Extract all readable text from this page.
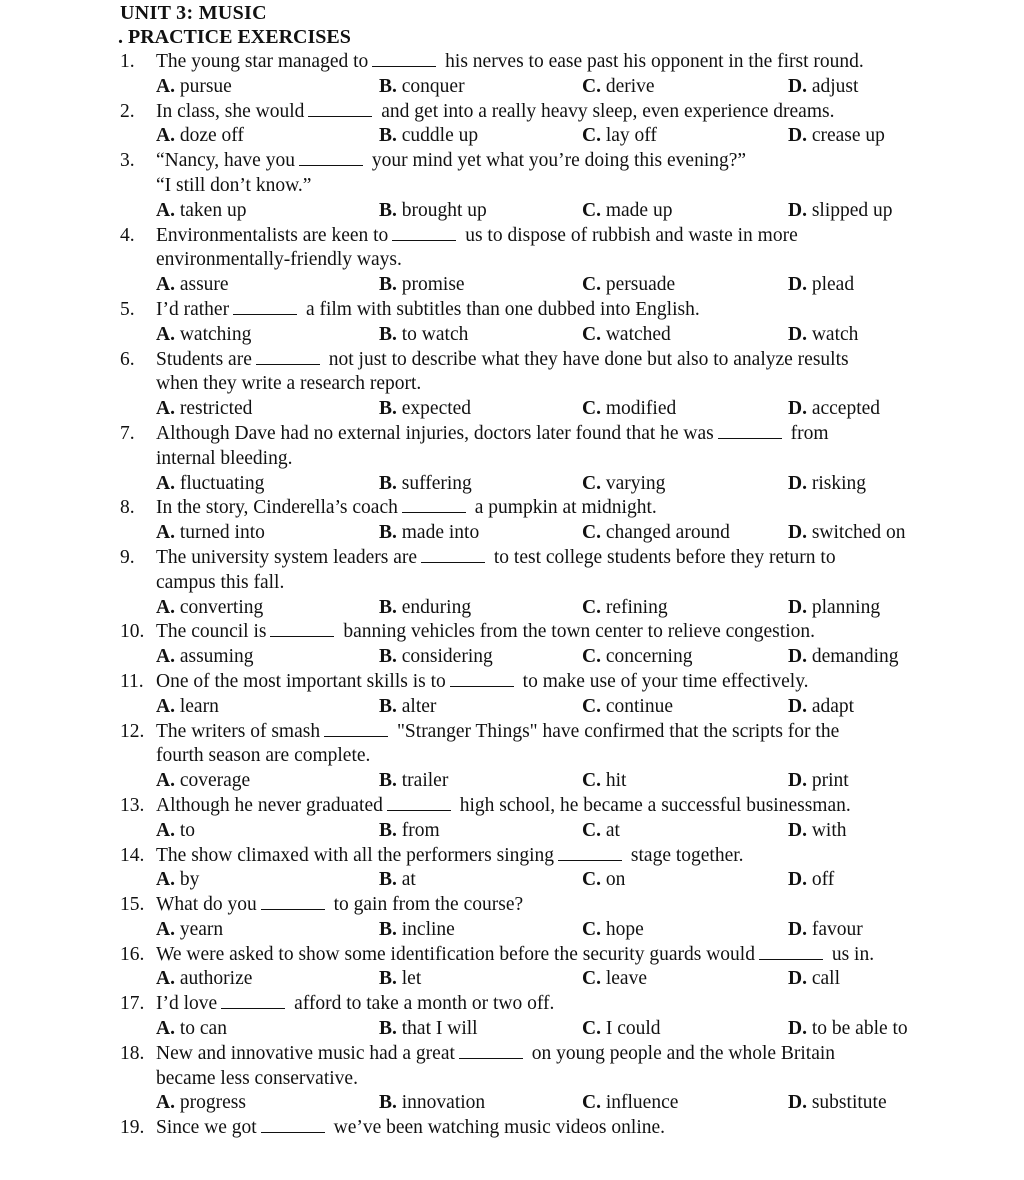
UNIT 3: MUSIC
. PRACTICE EXERCISES
1.	The young star managed to	his nerves to ease past his opponent in the first round.
A. pursue	B. conquer	C. derive	D. adjust
2.	In class, she would	and get into a really heavy sleep, even experience dreams.
A. doze off	B. cuddle up	C. lay off	D. crease up
3.	“Nancy, have you	your mind yet what you’re doing this evening?”
“I still don’t know.”
A. taken up	B. brought up	C. made up	D. slipped up
4.	Environmentalists are keen to	us to dispose of rubbish and waste in more
environmentally-friendly ways.
A. assure	B. promise	C. persuade	D. plead
5.	I’d rather	a film with subtitles than one dubbed into English.
A. watching	B. to watch	C. watched	D. watch
6.	Students are	not just to describe what they have done but also to analyze results
when they write a research report.
A. restricted	B. expected	C. modified	D. accepted
7.	Although Dave had no external injuries, doctors later found that he was	from
internal bleeding.
A. fluctuating	B. suffering	C. varying	D. risking
8.	In the story, Cinderella’s coach	a pumpkin at midnight.
A. turned into	B. made into	C. changed around	D. switched on
9.	The university system leaders are	to test college students before they return to
campus this fall.
A. converting	B. enduring	C. refining	D. planning
10. The council is	banning vehicles from the town center to relieve congestion.
A. assuming	B. considering	C. concerning	D. demanding
11. One of the most important skills is to	to make use of your time effectively.
A. learn	B. alter	C. continue	D. adapt
12. The writers of smash	"Stranger Things" have confirmed that the scripts for the
fourth season are complete.
A. coverage	B. trailer	C. hit	D. print
13. Although he never graduated	high school, he became a successful businessman.
A. to	B. from	C. at	D. with
14. The show climaxed with all the performers singing	stage together.
A. by	B. at	C. on	D. off
15. What do you	to gain from the course?
A. yearn	B. incline	C. hope	D. favour
16. We were asked to show some identification before the security guards would	us in.
A. authorize	B. let	C. leave	D. call
17. I’d love	afford to take a month or two off.
A. to can	B. that I will	C. I could	D. to be able to
18. New and innovative music had a great	on young people and the whole Britain
became less conservative.
A. progress	B. innovation	C. influence	D. substitute
19. Since we got	we’ve been watching music videos online.
